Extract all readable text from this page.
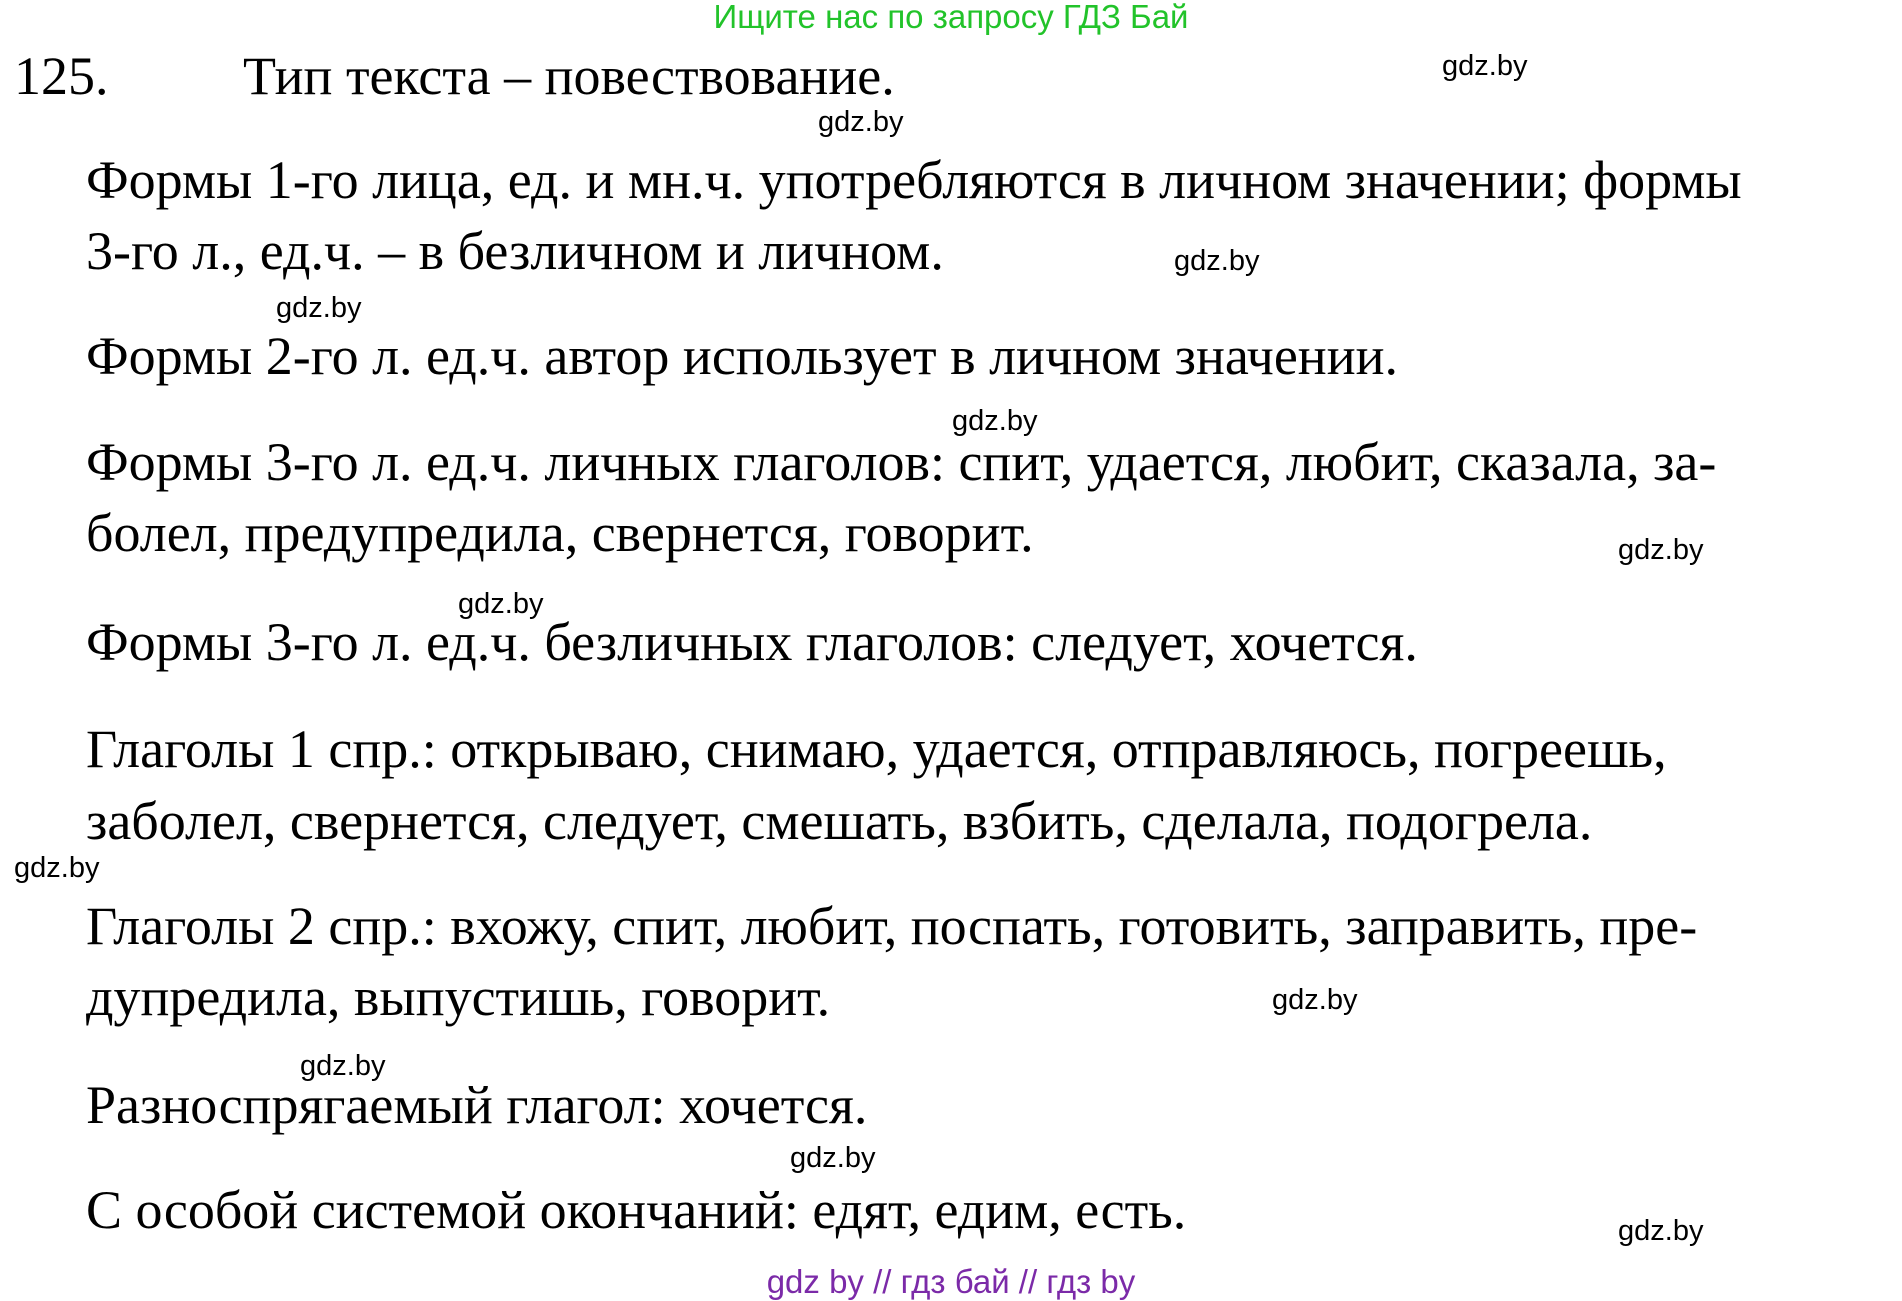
Ищите нас по запросу ГДЗ Бай
125. Тип текста – повествование.
Формы 1-го лица, ед. и мн.ч. употребляются в личном значении; формы
3-го л., ед.ч. – в безличном и личном.
Формы 2-го л. ед.ч. автор использует в личном значении.
Формы 3-го л. ед.ч. личных глаголов: спит, удается, любит, сказала, за-
болел, предупредила, свернется, говорит.
Формы 3-го л. ед.ч. безличных глаголов: следует, хочется.
Глаголы 1 спр.: открываю, снимаю, удается, отправляюсь, погреешь,
заболел, свернется, следует, смешать, взбить, сделала, подогрела.
Глаголы 2 спр.: вхожу, спит, любит, поспать, готовить, заправить, пре-
дупредила, выпустишь, говорит.
Разноспрягаемый глагол: хочется.
С особой системой окончаний: едят, едим, есть.
gdz.by
gdz.by
gdz.by
gdz.by
gdz.by
gdz.by
gdz.by
gdz.by
gdz.by
gdz.by
gdz.by
gdz.by
gdz by // гдз бай // гдз by
